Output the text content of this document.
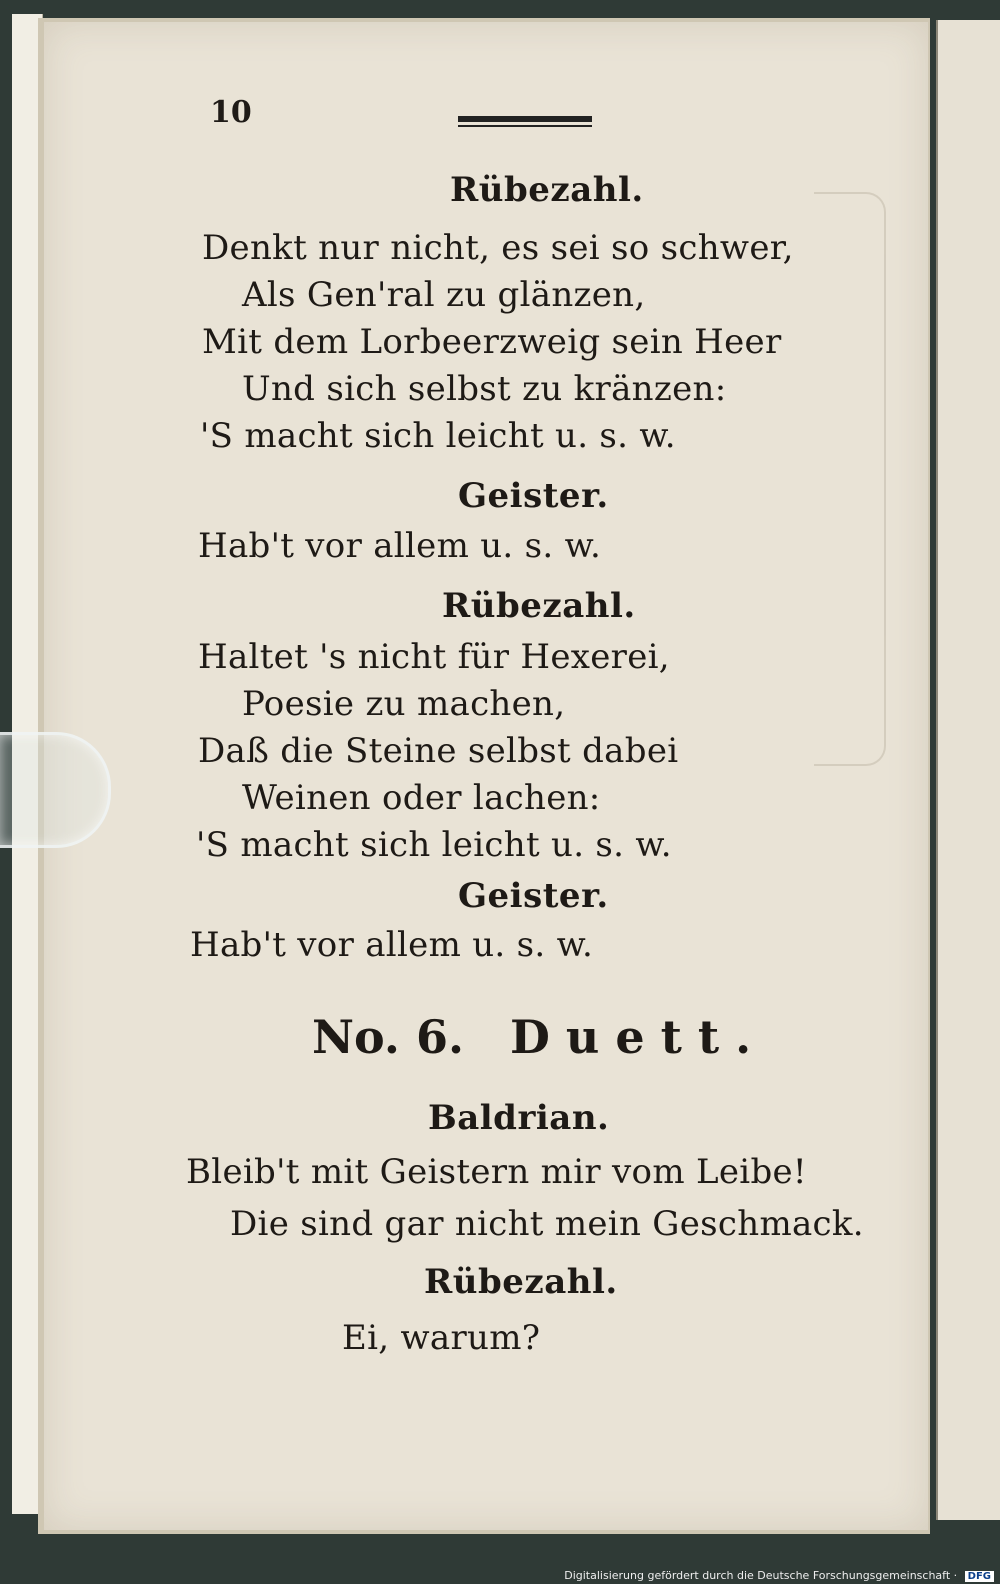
10
Rübezahl.
Denkt nur nicht, es sei so schwer,
Als Gen'ral zu glänzen,
Mit dem Lorbeerzweig sein Heer
Und sich selbst zu kränzen:
'S macht sich leicht u. s. w.
Geister.
Hab't vor allem u. s. w.
Rübezahl.
Haltet 's nicht für Hexerei,
Poesie zu machen,
Daß die Steine selbst dabei
Weinen oder lachen:
'S macht sich leicht u. s. w.
Geister.
Hab't vor allem u. s. w.
No. 6. Duett.
Baldrian.
Bleib't mit Geistern mir vom Leibe!
Die sind gar nicht mein Geschmack.
Rübezahl.
Ei, warum?
Digitalisierung gefördert durch die Deutsche Forschungsgemeinschaft · DFG
